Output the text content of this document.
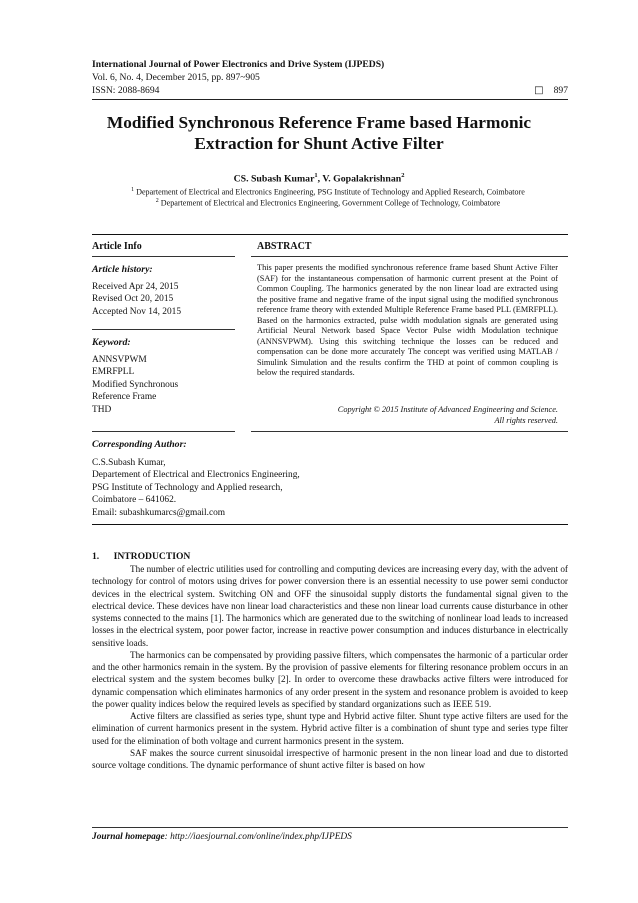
International Journal of Power Electronics and Drive System (IJPEDS)
Vol. 6, No. 4, December 2015, pp. 897~905
ISSN: 2088-8694	□ 897
Modified Synchronous Reference Frame based Harmonic
Extraction for Shunt Active Filter
CS. Subash Kumar$^1$, V. Gopalakrishnan$^2$
$^1$ Departement of Electrical and Electronics Engineering, PSG Institute of Technology and Applied Research, Coimbatore
$^2$ Departement of Electrical and Electronics Engineering, Government College of Technology, Coimbatore
Article Info	ABSTRACT
Article history:
Received Apr 24, 2015
Revised Oct 20, 2015
Accepted Nov 14, 2015
Keyword:
ANNSVPWM
EMRFPLL
Modified Synchronous
Reference Frame
THD
This paper presents the modified synchronous reference frame based Shunt Active Filter (SAF) for the instantaneous compensation of harmonic current present at the Point of Common Coupling. The harmonics generated by the non linear load are extracted using the positive frame and negative frame of the input signal using the modified synchronous reference frame theory with extended Multiple Reference Frame based PLL (EMRFPLL). Based on the harmonics extracted, pulse width modulation signals are generated using Artificial Neural Network based Space Vector Pulse width Modulation technique (ANNSVPWM). Using this switching technique the losses can be reduced and compensation can be done more accurately The concept was verified using MATLAB / Simulink Simulation and the results confirm the THD at point of common coupling is below the required standards.
Copyright © 2015 Institute of Advanced Engineering and Science.
All rights reserved.
Corresponding Author:
C.S.Subash Kumar,
Departement of Electrical and Electronics Engineering,
PSG Institute of Technology and Applied research,
Coimbatore – 641062.
Email: subashkumarcs@gmail.com
1.      INTRODUCTION

The number of electric utilities used for controlling and computing devices are increasing every day, with the advent of technology for control of motors using drives for power conversion there is an essential necessity to use power semi conductor devices in the electrical system. Switching ON and OFF the sinusoidal supply distorts the fundamental signal given to the electrical device. These devices have non linear load characteristics and these non linear load currents cause disturbance in other systems connected to the mains [1]. The harmonics which are generated due to the switching of nonlinear load leads to increased losses in the electrical system, poor power factor, increase in reactive power consumption and induces disturbance in electrically sensitive loads.

The harmonics can be compensated by providing passive filters, which compensates the harmonic of a particular order and the other harmonics remain in the system. By the provision of passive elements for filtering resonance problem occurs in an electrical system and the system becomes bulky [2]. In order to overcome these drawbacks active filters were introduced for dynamic compensation which eliminates harmonics of any order present in the system and resonance problem is avoided to keep the power quality indices below the required levels as specified by standard organizations such as IEEE 519.

Active filters are classified as series type, shunt type and Hybrid active filter. Shunt type active filters are used for the elimination of current harmonics present in the system. Hybrid active filter is a combination of shunt type and series type filter used for the elimination of both voltage and current harmonics present in the system.

SAF makes the source current sinusoidal irrespective of harmonic present in the non linear load and due to distorted source voltage conditions. The dynamic performance of shunt active filter is based on how

Journal homepage: http://iaesjournal.com/online/index.php/IJPEDS
